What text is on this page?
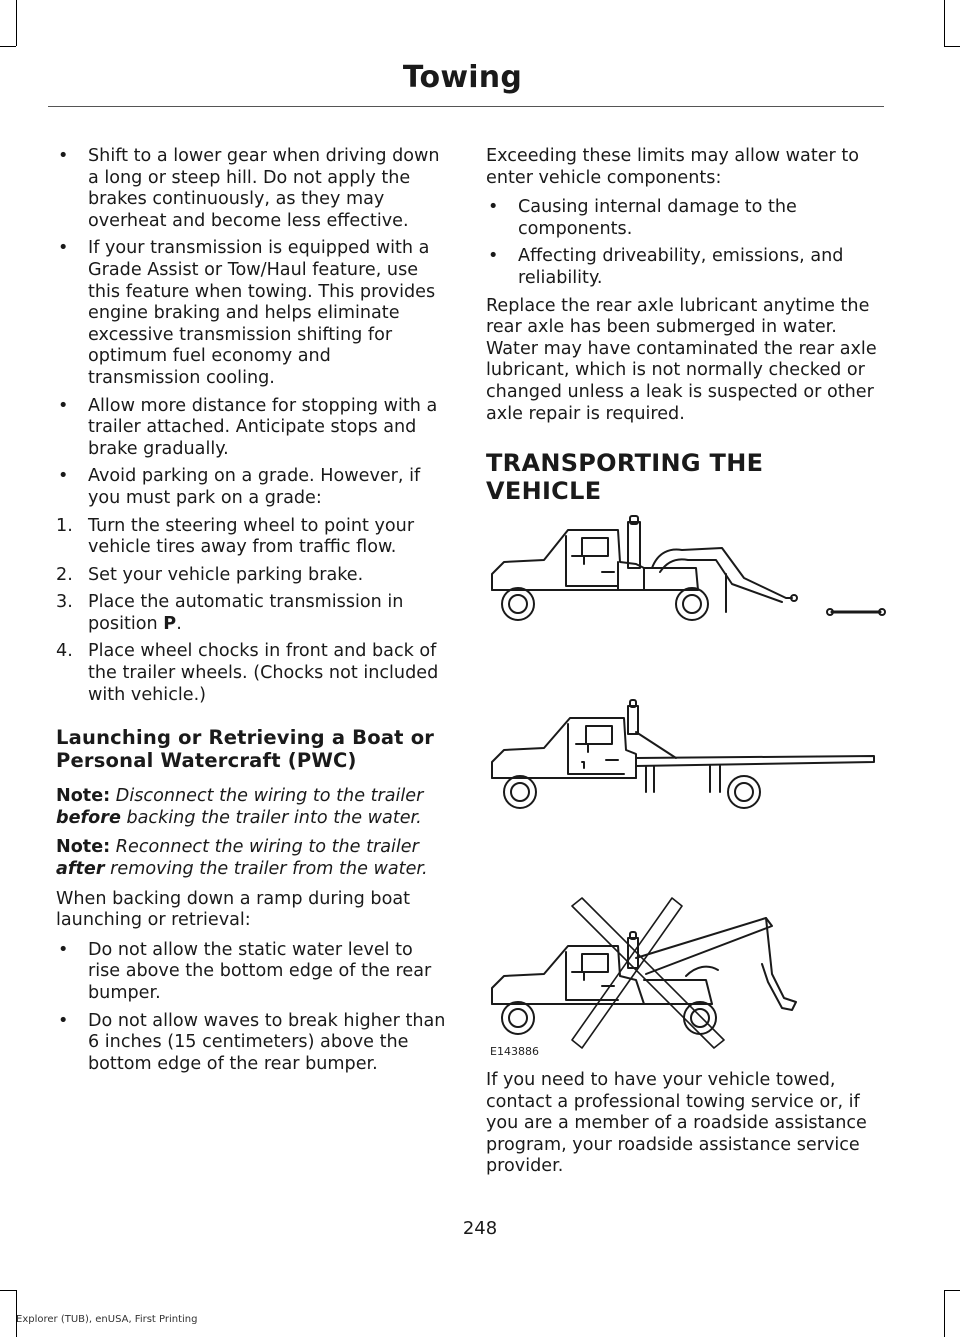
Towing
• Shift to a lower gear when driving down a long or steep hill. Do not apply the brakes continuously, as they may overheat and become less effective.
• If your transmission is equipped with a Grade Assist or Tow/Haul feature, use this feature when towing. This provides engine braking and helps eliminate excessive transmission shifting for optimum fuel economy and transmission cooling.
• Allow more distance for stopping with a trailer attached. Anticipate stops and brake gradually.
• Avoid parking on a grade. However, if you must park on a grade:
1. Turn the steering wheel to point your vehicle tires away from traffic flow.
2. Set your vehicle parking brake.
3. Place the automatic transmission in position P.
4. Place wheel chocks in front and back of the trailer wheels. (Chocks not included with vehicle.)
Launching or Retrieving a Boat or Personal Watercraft (PWC)

Note: Disconnect the wiring to the trailer before backing the trailer into the water.

Note: Reconnect the wiring to the trailer after removing the trailer from the water.

When backing down a ramp during boat launching or retrieval:

• Do not allow the static water level to rise above the bottom edge of the rear bumper.
• Do not allow waves to break higher than 6 inches (15 centimeters) above the bottom edge of the rear bumper.

Exceeding these limits may allow water to enter vehicle components:

• Causing internal damage to the components.
• Affecting driveability, emissions, and reliability.

Replace the rear axle lubricant anytime the rear axle has been submerged in water. Water may have contaminated the rear axle lubricant, which is not normally checked or changed unless a leak is suspected or other axle repair is required.

TRANSPORTING THE VEHICLE
E143886
If you need to have your vehicle towed, contact a professional towing service or, if you are a member of a roadside assistance program, your roadside assistance service provider.
248
Explorer (TUB), enUSA, First Printing
